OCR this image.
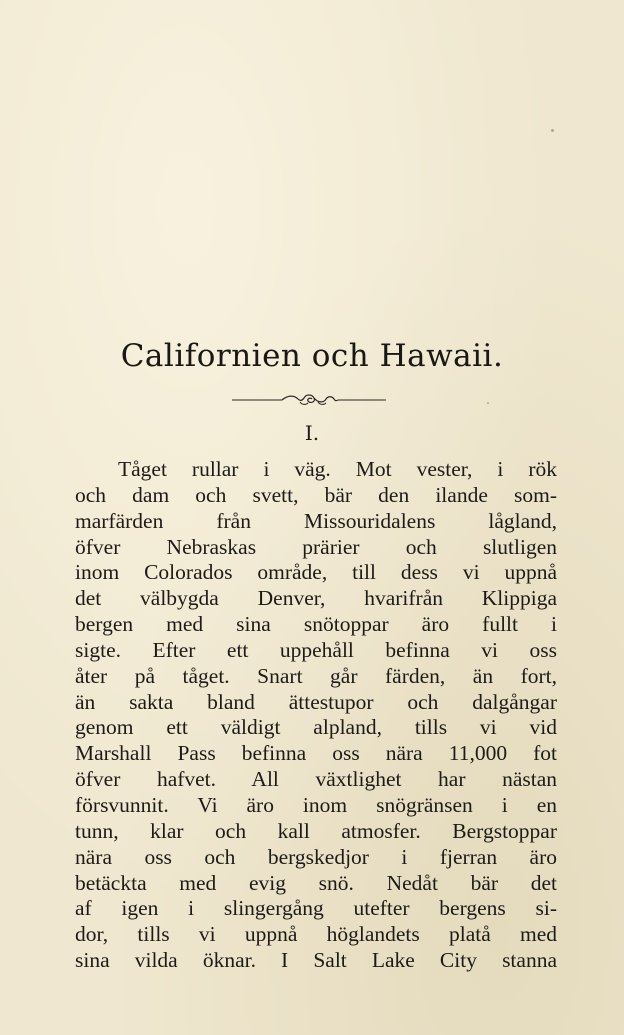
Californien och Hawaii.
I.
Tåget rullar i väg. Mot vester, i rök
och dam och svett, bär den ilande som-
marfärden från Missouridalens lågland,
öfver Nebraskas prärier och slutligen
inom Colorados område, till dess vi uppnå
det välbygda Denver, hvarifrån Klippiga
bergen med sina snötoppar äro fullt i
sigte. Efter ett uppehåll befinna vi oss
åter på tåget. Snart går färden, än fort,
än sakta bland ättestupor och dalgångar
genom ett väldigt alpland, tills vi vid
Marshall Pass befinna oss nära 11,000 fot
öfver hafvet. All växtlighet har nästan
försvunnit. Vi äro inom snögränsen i en
tunn, klar och kall atmosfer. Bergstoppar
nära oss och bergskedjor i fjerran äro
betäckta med evig snö. Nedåt bär det
af igen i slingergång utefter bergens si-
dor, tills vi uppnå höglandets platå med
sina vilda öknar. I Salt Lake City stanna
